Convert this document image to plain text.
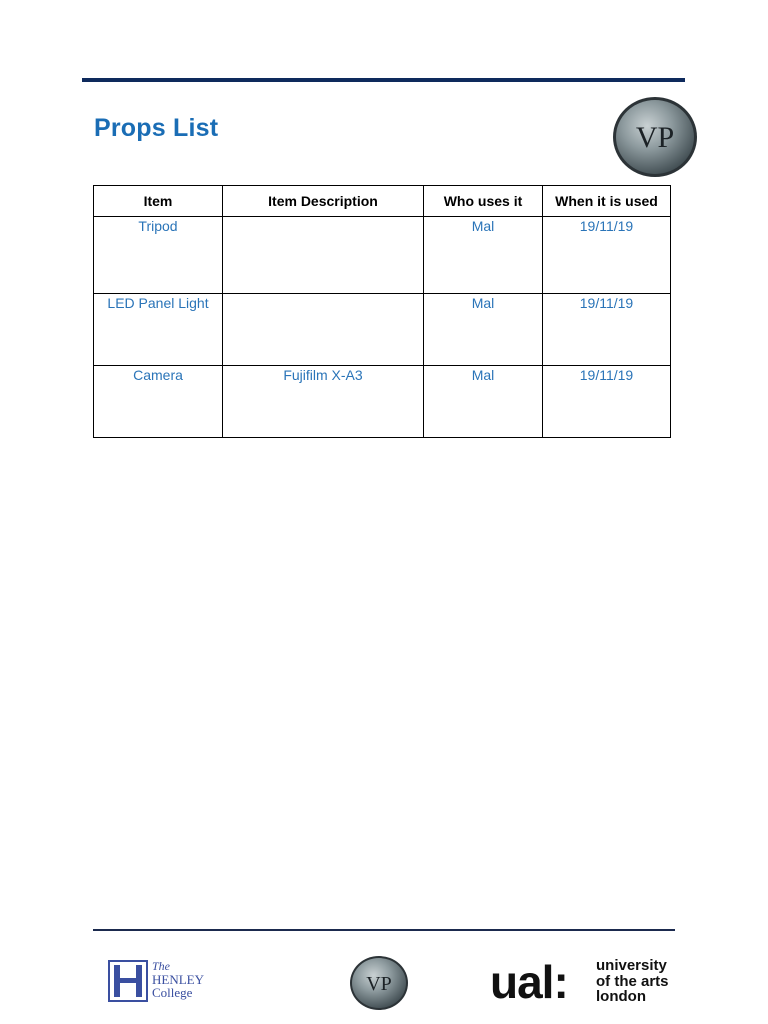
Props List	VP
Item	Item Description	Who uses it	When it is used
Tripod		Mal	19/11/19
LED Panel Light		Mal	19/11/19
Camera	Fujifilm X-A3	Mal	19/11/19
The
HENLEY
College	VP ual: university
of the arts
london
